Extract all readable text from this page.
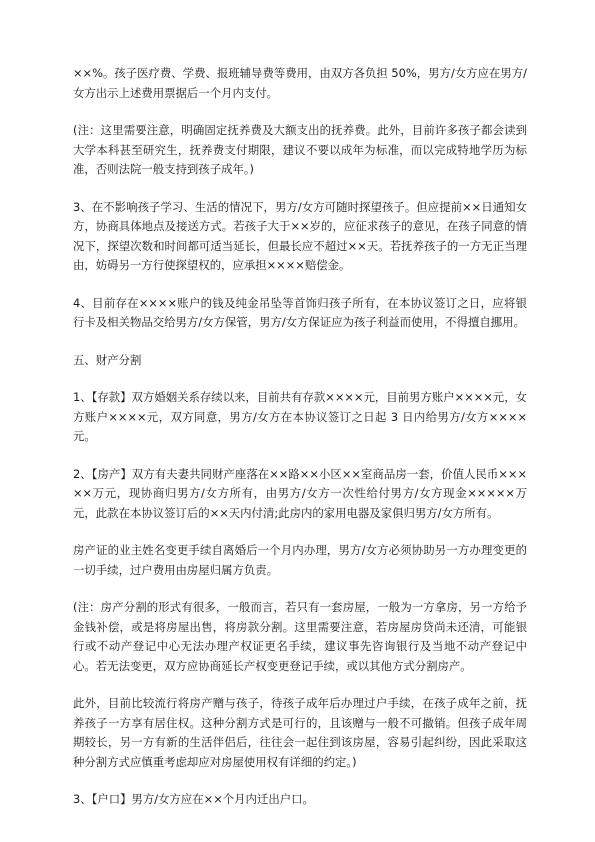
××%。孩子医疗费、学费、报班辅导费等费用，由双方各负担 50%，男方/女方应在男方/女方出示上述费用票据后一个月内支付。

(注：这里需要注意，明确固定抚养费及大额支出的抚养费。此外，目前许多孩子都会读到大学本科甚至研究生，抚养费支付期限，建议不要以成年为标准，而以完成特地学历为标准，否则法院一般支持到孩子成年。)

3、在不影响孩子学习、生活的情况下，男方/女方可随时探望孩子。但应提前××日通知女方，协商具体地点及接送方式。若孩子大于××岁的，应征求孩子的意见，在孩子同意的情况下，探望次数和时间都可适当延长，但最长应不超过××天。若抚养孩子的一方无正当理由，妨碍另一方行使探望权的，应承担××××赔偿金。

4、目前存在××××账户的钱及纯金吊坠等首饰归孩子所有，在本协议签订之日，应将银行卡及相关物品交给男方/女方保管，男方/女方保证应为孩子利益而使用，不得擅自挪用。

五、财产分割

1、【存款】双方婚姻关系存续以来，目前共有存款××××元，目前男方账户××××元，女方账户××××元，双方同意，男方/女方在本协议签订之日起 3 日内给男方/女方××××元。

2、【房产】双方有夫妻共同财产座落在××路××小区××室商品房一套，价值人民币×××××万元，现协商归男方/女方所有，由男方/女方一次性给付男方/女方现金×××××万元，此款在本协议签订后的××天内付清;此房内的家用电器及家俱归男方/女方所有。

房产证的业主姓名变更手续自离婚后一个月内办理，男方/女方必须协助另一方办理变更的一切手续，过户费用由房屋归属方负责。

(注：房产分割的形式有很多，一般而言，若只有一套房屋，一般为一方拿房，另一方给予金钱补偿，或是将房屋出售，将房款分割。这里需要注意，若房屋房贷尚未还清，可能银行或不动产登记中心无法办理产权证更名手续，建议事先咨询银行及当地不动产登记中心。若无法变更，双方应协商延长产权变更登记手续，或以其他方式分割房产。

此外，目前比较流行将房产赠与孩子，待孩子成年后办理过户手续，在孩子成年之前，抚养孩子一方享有居住权。这种分割方式是可行的，且该赠与一般不可撤销。但孩子成年周期较长，另一方有新的生活伴侣后，往往会一起住到该房屋，容易引起纠纷，因此采取这种分割方式应慎重考虑却应对房屋使用权有详细的约定。)

3、【户口】男方/女方应在××个月内迁出户口。
